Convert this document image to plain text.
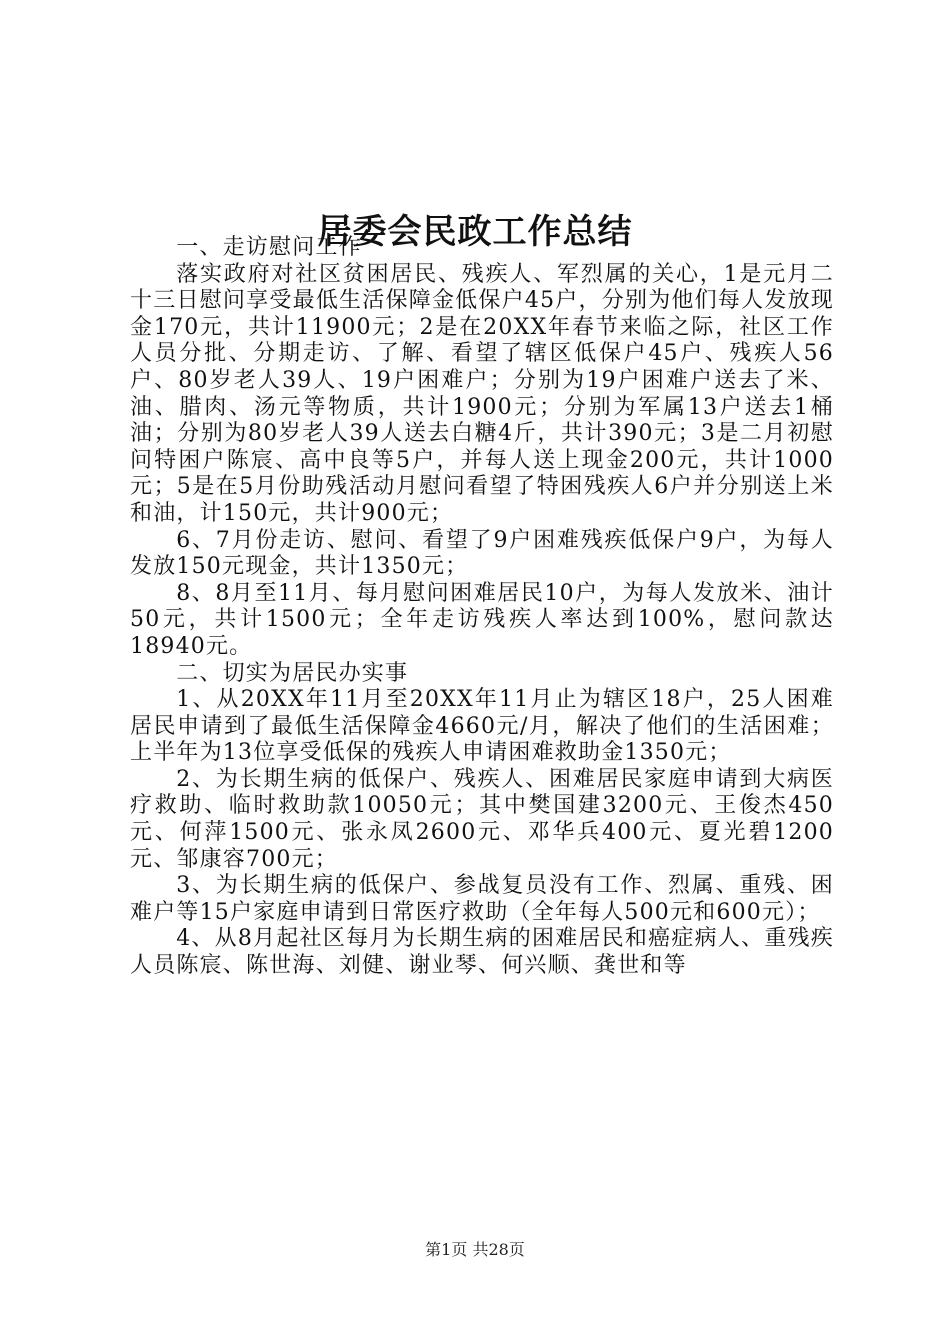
居委会民政工作总结

一、走访慰问工作

落实政府对社区贫困居民、残疾人、军烈属的关心，1是元月二十三日慰问享受最低生活保障金低保户45户，分别为他们每人发放现金170元，共计11900元；2是在20XX年春节来临之际，社区工作人员分批、分期走访、了解、看望了辖区低保户45户、残疾人56户、80岁老人39人、19户困难户；分别为19户困难户送去了米、油、腊肉、汤元等物质，共计1900元；分别为军属13户送去1桶油；分别为80岁老人39人送去白糖4斤，共计390元；3是二月初慰问特困户陈宸、高中良等5户，并每人送上现金200元，共计1000元；5是在5月份助残活动月慰问看望了特困残疾人6户并分别送上米和油，计150元，共计900元；

6、7月份走访、慰问、看望了9户困难残疾低保户9户，为每人发放150元现金，共计1350元；

8、8月至11月、每月慰问困难居民10户，为每人发放米、油计50元，共计1500元；全年走访残疾人率达到100%，慰问款达18940元。

二、切实为居民办实事

1、从20XX年11月至20XX年11月止为辖区18户，25人困难居民申请到了最低生活保障金4660元/月，解决了他们的生活困难；上半年为13位享受低保的残疾人申请困难救助金1350元；

2、为长期生病的低保户、残疾人、困难居民家庭申请到大病医疗救助、临时救助款10050元；其中樊国建3200元、王俊杰450元、何萍1500元、张永凤2600元、邓华兵400元、夏光碧1200元、邹康容700元；

3、为长期生病的低保户、参战复员没有工作、烈属、重残、困难户等15户家庭申请到日常医疗救助（全年每人500元和600元）；

4、从8月起社区每月为长期生病的困难居民和癌症病人、重残疾人员陈宸、陈世海、刘健、谢业琴、何兴顺、龚世和等

第1页 共28页
